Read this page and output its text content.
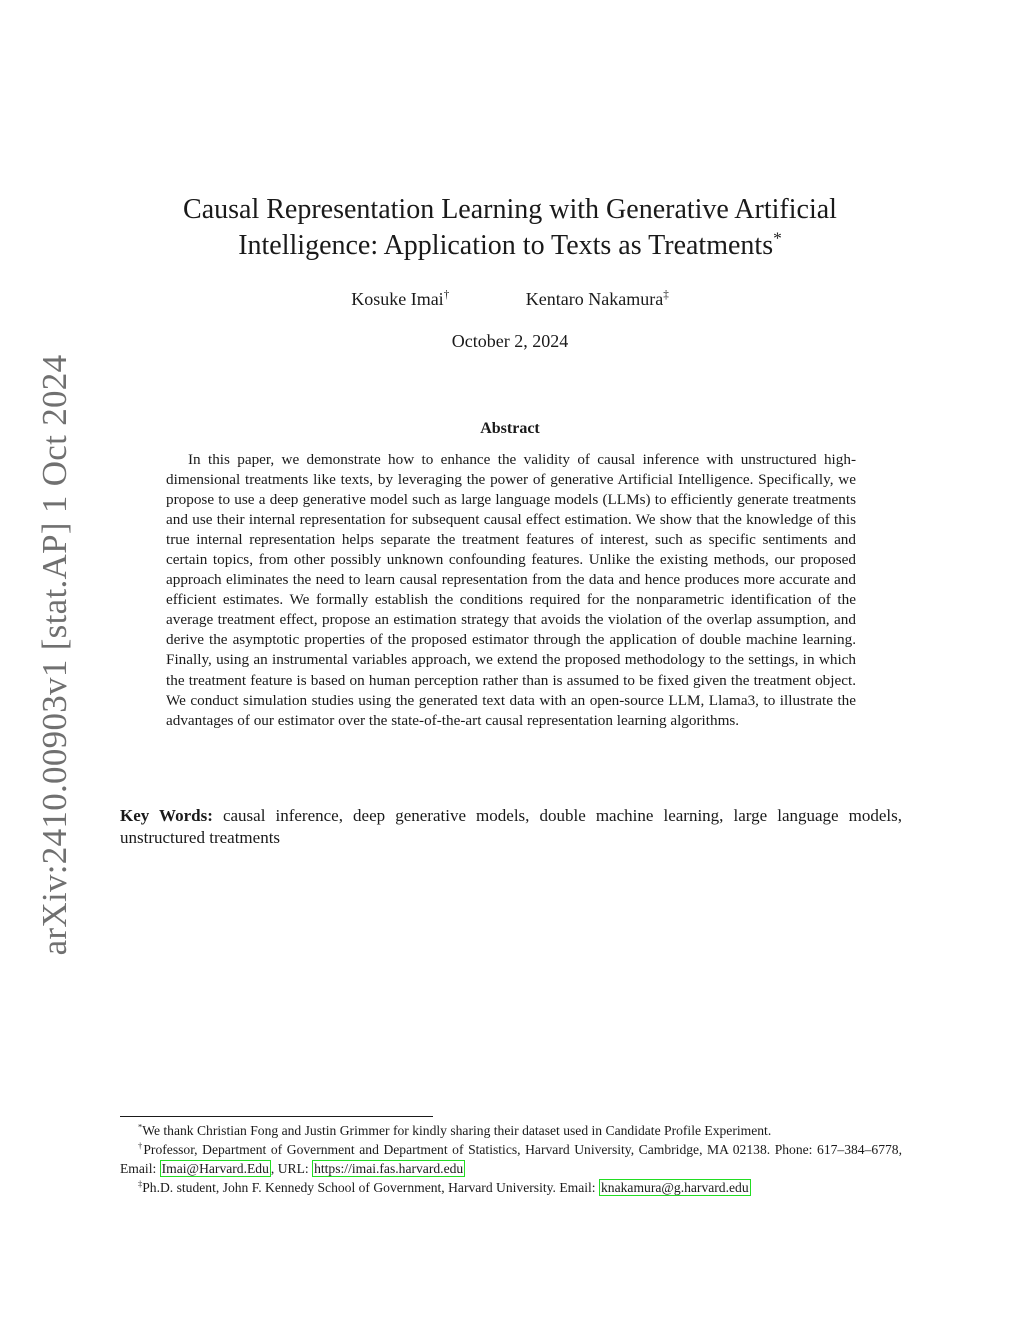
arXiv:2410.00903v1 [stat.AP] 1 Oct 2024
Causal Representation Learning with Generative Artificial
Intelligence: Application to Texts as Treatments*
Kosuke Imai†	Kentaro Nakamura‡
October 2, 2024
Abstract

In this paper, we demonstrate how to enhance the validity of causal inference with unstructured high-dimensional treatments like texts, by leveraging the power of generative Artificial Intelligence. Specifically, we propose to use a deep generative model such as large language models (LLMs) to efficiently generate treatments and use their internal representation for subsequent causal effect estimation. We show that the knowledge of this true internal representation helps separate the treatment features of interest, such as specific sentiments and certain topics, from other possibly unknown confounding features. Unlike the existing methods, our proposed approach eliminates the need to learn causal representation from the data and hence produces more accurate and efficient estimates. We formally establish the conditions required for the nonparametric identification of the average treatment effect, propose an estimation strategy that avoids the violation of the overlap assumption, and derive the asymptotic properties of the proposed estimator through the application of double machine learning. Finally, using an instrumental variables approach, we extend the proposed methodology to the settings, in which the treatment feature is based on human perception rather than is assumed to be fixed given the treatment object. We conduct simulation studies using the generated text data with an open-source LLM, Llama3, to illustrate the advantages of our estimator over the state-of-the-art causal representation learning algorithms.

Key Words: causal inference, deep generative models, double machine learning, large language models, unstructured treatments

*We thank Christian Fong and Justin Grimmer for kindly sharing their dataset used in Candidate Profile Experiment.

†Professor, Department of Government and Department of Statistics, Harvard University, Cambridge, MA 02138. Phone: 617–384–6778, Email: Imai@Harvard.Edu , URL: https://imai.fas.harvard.edu

‡Ph.D. student, John F. Kennedy School of Government, Harvard University. Email: knakamura@g.harvard.edu
